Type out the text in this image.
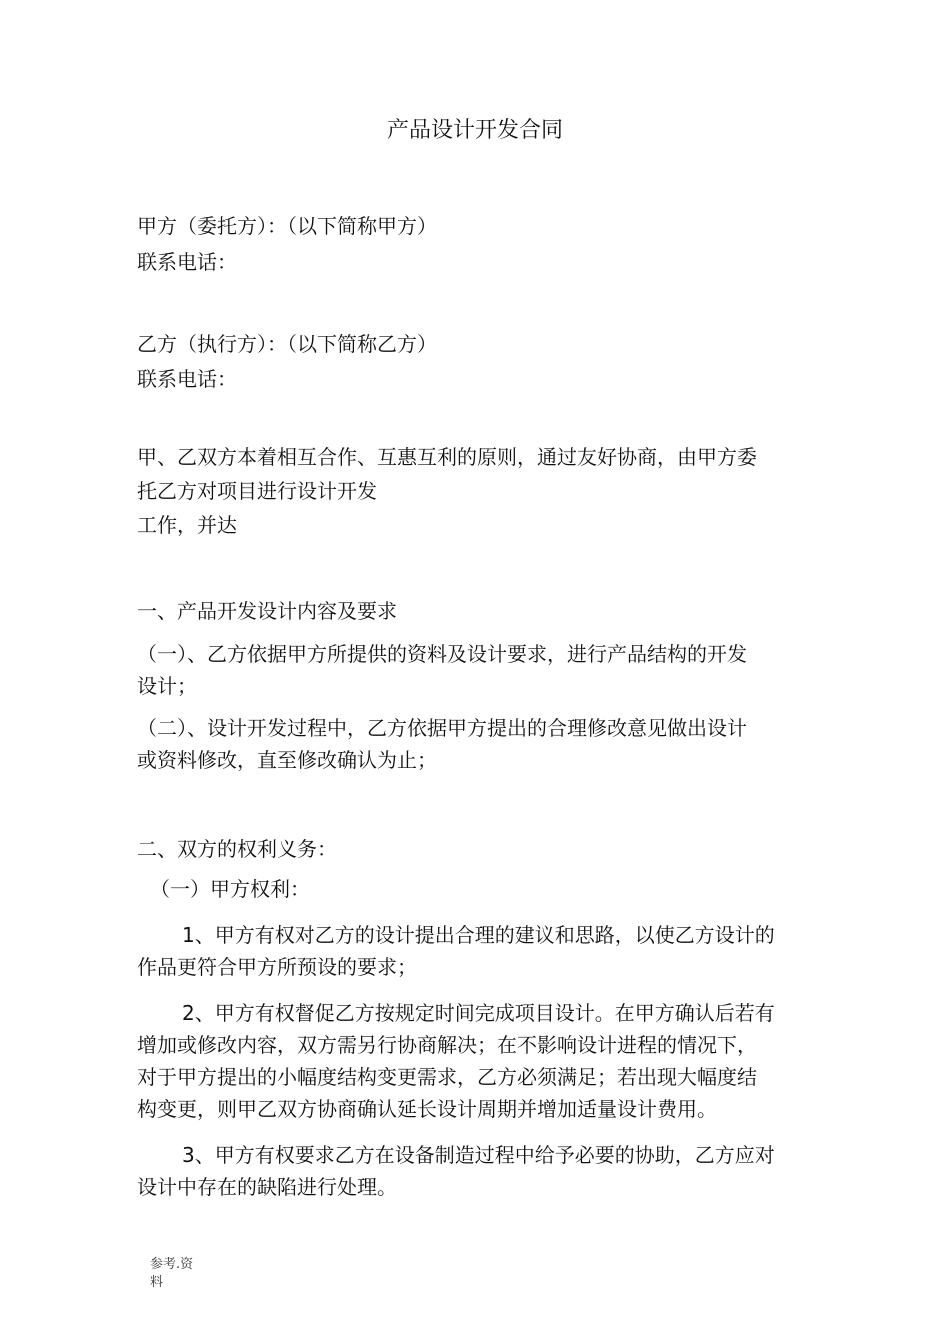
产品设计开发合同

甲方（委托方）：（以下简称甲方）

联系电话：

乙方（执行方）：（以下简称乙方）

联系电话：

甲、乙双方本着相互合作、互惠互利的原则，通过友好协商，由甲方委

托乙方对项目进行设计开发

工作，并达

一、产品开发设计内容及要求

（一）、乙方依据甲方所提供的资料及设计要求，进行产品结构的开发

设计；

（二）、设计开发过程中，乙方依据甲方提出的合理修改意见做出设计

或资料修改，直至修改确认为止；

二、双方的权利义务：

（一）甲方权利：

1、甲方有权对乙方的设计提出合理的建议和思路，以使乙方设计的

作品更符合甲方所预设的要求；

2、甲方有权督促乙方按规定时间完成项目设计。在甲方确认后若有

增加或修改内容，双方需另行协商解决；在不影响设计进程的情况下，

对于甲方提出的小幅度结构变更需求，乙方必须满足；若出现大幅度结

构变更，则甲乙双方协商确认延长设计周期并增加适量设计费用。

3、甲方有权要求乙方在设备制造过程中给予必要的协助，乙方应对

设计中存在的缺陷进行处理。

参考.资
料
